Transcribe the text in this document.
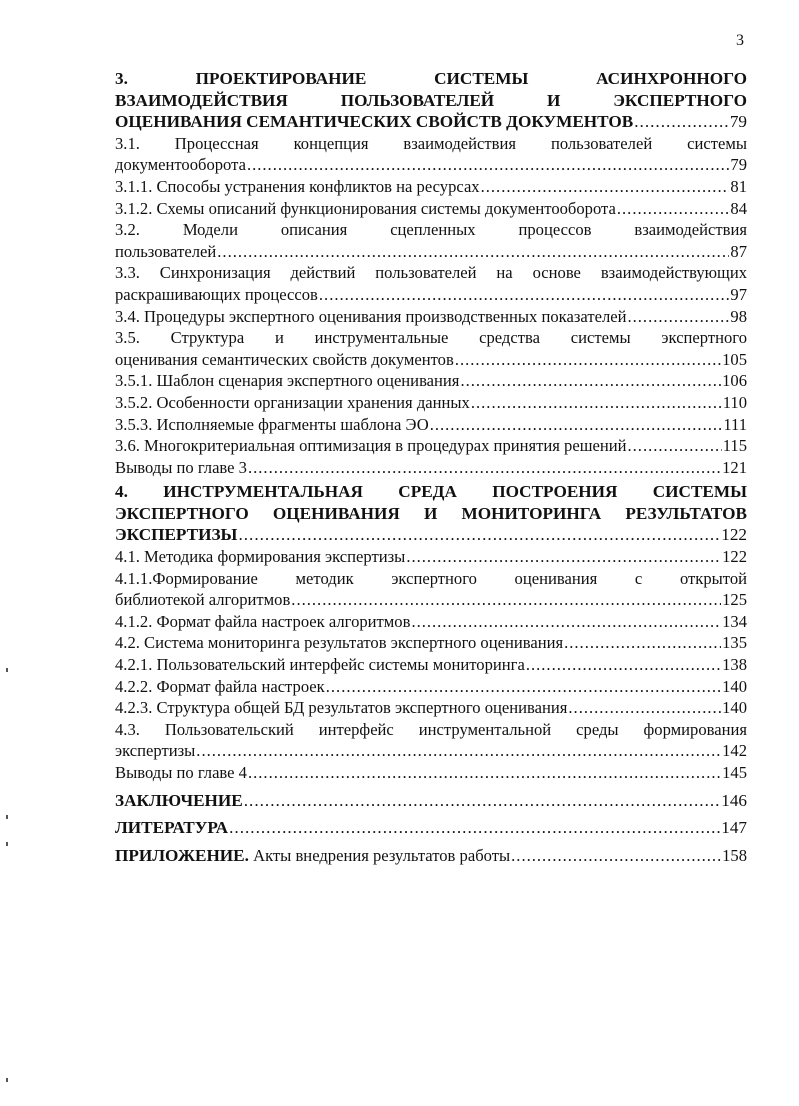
3
3. ПРОЕКТИРОВАНИЕ СИСТЕМЫ АСИНХРОННОГО
ВЗАИМОДЕЙСТВИЯ ПОЛЬЗОВАТЕЛЕЙ И ЭКСПЕРТНОГО
ОЦЕНИВАНИЯ СЕМАНТИЧЕСКИХ СВОЙСТВ ДОКУМЕНТОВ .....	79
3.1. Процессная концепция взаимодействия пользователей системы
документооборота .....	79
3.1.1. Способы устранения конфликтов на ресурсах .....	81
3.1.2. Схемы описаний функционирования системы документооборота .....	84
3.2. Модели описания сцепленных процессов взаимодействия
пользователей .....	87
3.3. Синхронизация действий пользователей на основе взаимодействующих
раскрашивающих процессов .....	97
3.4. Процедуры экспертного оценивания производственных показателей .....	98
3.5. Структура и инструментальные средства системы экспертного
оценивания семантических свойств документов .....	105
3.5.1. Шаблон сценария экспертного оценивания .....	106
3.5.2. Особенности организации хранения данных .....	110
3.5.3. Исполняемые фрагменты шаблона ЭО .....	111
3.6. Многокритериальная оптимизация в процедурах принятия решений .....	115
Выводы по главе 3 .....	121
4. ИНСТРУМЕНТАЛЬНАЯ СРЕДА ПОСТРОЕНИЯ СИСТЕМЫ
ЭКСПЕРТНОГО ОЦЕНИВАНИЯ И МОНИТОРИНГА РЕЗУЛЬТАТОВ
ЭКСПЕРТИЗЫ .....	122
4.1. Методика формирования экспертизы .....	122
4.1.1.Формирование методик экспертного оценивания с открытой
библиотекой алгоритмов .....	125
4.1.2. Формат файла настроек алгоритмов .....	134
4.2. Система мониторинга результатов экспертного оценивания .....	135
4.2.1. Пользовательский интерфейс системы мониторинга .....	138
4.2.2. Формат файла настроек .....	140
4.2.3. Структура общей БД результатов экспертного оценивания .....	140
4.3. Пользовательский интерфейс инструментальной среды формирования
экспертизы .....	142
Выводы по главе 4 .....	145
ЗАКЛЮЧЕНИЕ .....	146
ЛИТЕРАТУРА .....	147
ПРИЛОЖЕНИЕ. Акты внедрения результатов работы .....	158
